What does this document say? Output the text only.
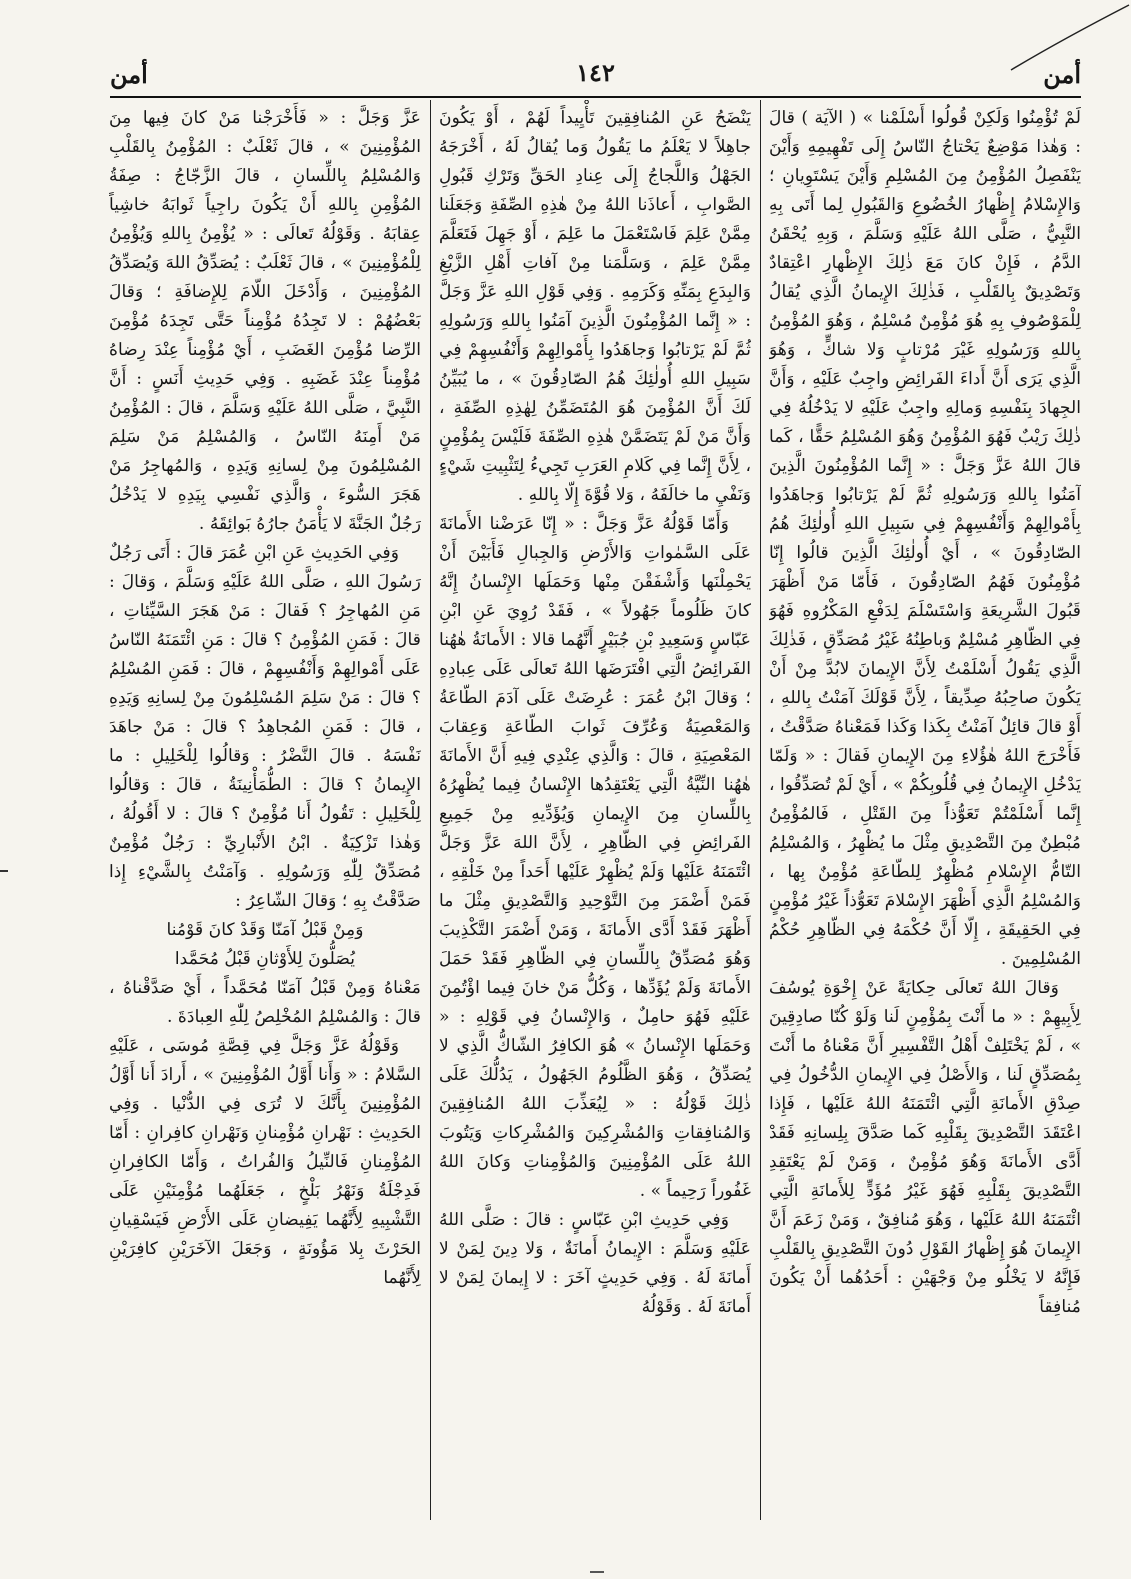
أمن
١٤٢
أمن

لَمْ تُؤْمِنُوا وَلَكِنْ قُولُوا أَسْلَمْنا » ( الآيَة ) قالَ : وَهٰذا مَوْضِعٌ يَحْتاجُ النّاسُ إِلَى تَفْهِيمِهِ وَأَيْنَ يَنْفَصِلُ المُؤْمِنُ مِنَ المُسْلِمِ وَأَيْنَ يَسْتَوِيانِ ؛ وَالإِسْلامُ إِظْهارُ الخُضُوعِ وَالقَبُولِ لِما أَتَى بِهِ النَّبِيُّ ، صَلَّى اللهُ عَلَيْهِ وَسَلَّمَ ، وَبِهِ يُحْقَنُ الدَّمُ ، فَإِنْ كانَ مَعَ ذٰلِكَ الإِظْهارِ اعْتِقادٌ وَتَصْدِيقٌ بِالقَلْبِ ، فَذٰلِكَ الإِيمانُ الَّذِي يُقالُ لِلْمَوْصُوفِ بِهِ هُوَ مُؤْمِنٌ مُسْلِمٌ ، وَهُوَ المُؤْمِنُ بِاللهِ وَرَسُولِهِ غَيْرَ مُرْتابٍ وَلا شاكٍّ ، وَهُوَ الَّذِي يَرَى أَنَّ أَداءَ الفَرائِضِ واجِبٌ عَلَيْهِ ، وَأَنَّ الجِهادَ بِنَفْسِهِ وَمالِهِ واجِبٌ عَلَيْهِ لا يَدْخُلُهُ فِي ذٰلِكَ رَيْبٌ فَهُوَ المُؤْمِنُ وَهُوَ المُسْلِمُ حَقًّا ، كَما قالَ اللهُ عَزَّ وَجَلَّ : « إِنَّما المُؤْمِنُونَ الَّذِينَ آمَنُوا بِاللهِ وَرَسُولِهِ ثُمَّ لَمْ يَرْتابُوا وَجاهَدُوا بِأَمْوالِهِمْ وَأَنْفُسِهِمْ فِي سَبِيلِ اللهِ أُولٰئِكَ هُمُ الصّادِقُونَ » ، أَيْ أُولٰئِكَ الَّذِينَ قالُوا إِنّا مُؤْمِنُونَ فَهُمُ الصّادِقُونَ ، فَأَمّا مَنْ أَظْهَرَ قَبُولَ الشَّرِيعَةِ وَاسْتَسْلَمَ لِدَفْعِ المَكْرُوهِ فَهُوَ فِي الظّاهِرِ مُسْلِمٌ وَباطِنُهُ غَيْرُ مُصَدِّقٍ ، فَذٰلِكَ الَّذِي يَقُولُ أَسْلَمْتُ لِأَنَّ الإِيمانَ لابُدَّ مِنْ أَنْ يَكُونَ صاحِبُهُ صِدِّيقاً ، لِأَنَّ قَوْلَكَ آمَنْتُ بِاللهِ ، أَوْ قالَ قائِلٌ آمَنْتُ بِكَذا وَكَذا فَمَعْناهُ صَدَّقْتُ ، فَأَخْرَجَ اللهُ هٰؤُلاءِ مِنَ الإِيمانِ فَقالَ : « وَلَمّا يَدْخُلِ الإِيمانُ فِي قُلُوبِكُمْ » ، أَيْ لَمْ تُصَدِّقُوا ، إِنَّما أَسْلَمْتُمْ تَعَوُّذاً مِنَ القَتْلِ ، فَالمُؤْمِنُ مُبْطِنٌ مِنَ التَّصْدِيقِ مِثْلَ ما يُظْهِرُ ، وَالمُسْلِمُ التّامُّ الإِسْلامِ مُظْهِرٌ لِلطّاعَةِ مُؤْمِنٌ بِها ، وَالمُسْلِمُ الَّذِي أَظْهَرَ الإِسْلامَ تَعَوُّذاً غَيْرُ مُؤْمِنٍ فِي الحَقِيقَةِ ، إِلّا أَنَّ حُكْمَهُ فِي الظّاهِرِ حُكْمُ المُسْلِمِينَ .

وَقالَ اللهُ تَعالَى حِكايَةً عَنْ إِخْوَةِ يُوسُفَ لِأَبِيهِمْ : « ما أَنْتَ بِمُؤْمِنٍ لَنا وَلَوْ كُنّا صادِقِينَ » ، لَمْ يَخْتَلِفْ أَهْلُ التَّفْسِيرِ أَنَّ مَعْناهُ ما أَنْتَ بِمُصَدِّقٍ لَنا ، وَالأَصْلُ فِي الإِيمانِ الدُّخُولُ فِي صِدْقِ الأَمانَةِ الَّتِي ائْتَمَنَهُ اللهُ عَلَيْها ، فَإِذا اعْتَقَدَ التَّصْدِيقَ بِقَلْبِهِ كَما صَدَّقَ بِلِسانِهِ فَقَدْ أَدَّى الأَمانَةَ وَهُوَ مُؤْمِنٌ ، وَمَنْ لَمْ يَعْتَقِدِ التَّصْدِيقَ بِقَلْبِهِ فَهُوَ غَيْرُ مُؤَدٍّ لِلأَمانَةِ الَّتِي ائْتَمَنَهُ اللهُ عَلَيْها ، وَهُوَ مُنافِقٌ ، وَمَنْ زَعَمَ أَنَّ الإِيمانَ هُوَ إِظْهارُ القَوْلِ دُونَ التَّصْدِيقِ بِالقَلْبِ فَإِنَّهُ لا يَخْلُو مِنْ وَجْهَيْنِ : أَحَدُهُما أَنْ يَكُونَ مُنافِقاً

يَنْضَحُ عَنِ المُنافِقِينَ تَأْيِيداً لَهُمْ ، أَوْ يَكُونَ جاهِلاً لا يَعْلَمُ ما يَقُولُ وَما يُقالُ لَهُ ، أَخْرَجَهُ الجَهْلُ وَاللَّجاجُ إِلَى عِنادِ الحَقِّ وَتَرْكِ قَبُولِ الصَّوابِ ، أَعاذَنا اللهُ مِنْ هٰذِهِ الصِّفَةِ وَجَعَلَنا مِمَّنْ عَلِمَ فَاسْتَعْمَلَ ما عَلِمَ ، أَوْ جَهِلَ فَتَعَلَّمَ مِمَّنْ عَلِمَ ، وَسَلَّمَنا مِنْ آفاتِ أَهْلِ الزَّيْغِ وَالبِدَعِ بِمَنِّهِ وَكَرَمِهِ . وَفِي قَوْلِ اللهِ عَزَّ وَجَلَّ : « إِنَّما المُؤْمِنُونَ الَّذِينَ آمَنُوا بِاللهِ وَرَسُولِهِ ثُمَّ لَمْ يَرْتابُوا وَجاهَدُوا بِأَمْوالِهِمْ وَأَنْفُسِهِمْ فِي سَبِيلِ اللهِ أُولٰئِكَ هُمُ الصّادِقُونَ » ، ما يُبَيِّنُ لَكَ أَنَّ المُؤْمِنَ هُوَ المُتَضَمِّنُ لِهٰذِهِ الصِّفَةِ ، وَأَنَّ مَنْ لَمْ يَتَضَمَّنْ هٰذِهِ الصِّفَةَ فَلَيْسَ بِمُؤْمِنٍ ، لِأَنَّ إِنَّما فِي كَلامِ العَرَبِ تَجِيءُ لِتَثْبِيتِ شَيْءٍ وَنَفْيِ ما خالَفَهُ ، وَلا قُوَّةَ إِلّا بِاللهِ .

وَأَمّا قَوْلُهُ عَزَّ وَجَلَّ : « إِنّا عَرَضْنا الأَمانَةَ عَلَى السَّمٰواتِ وَالأَرْضِ وَالجِبالِ فَأَبَيْنَ أَنْ يَحْمِلْنَها وَأَشْفَقْنَ مِنْها وَحَمَلَها الإِنْسانُ إِنَّهُ كانَ ظَلُوماً جَهُولاً » ، فَقَدْ رُوِيَ عَنِ ابْنِ عَبّاسٍ وَسَعِيدِ بْنِ جُبَيْرٍ أَنَّهُما قالا : الأَمانَةُ هٰهُنا الفَرائِضُ الَّتِي افْتَرَضَها اللهُ تَعالَى عَلَى عِبادِهِ ؛ وَقالَ ابْنُ عُمَرَ : عُرِضَتْ عَلَى آدَمَ الطّاعَةُ وَالمَعْصِيَةُ وَعُرِّفَ ثَوابَ الطّاعَةِ وَعِقابَ المَعْصِيَةِ ، قالَ : وَالَّذِي عِنْدِي فِيهِ أَنَّ الأَمانَةَ هٰهُنا النِّيَّةُ الَّتِي يَعْتَقِدُها الإِنْسانُ فِيما يُظْهِرُهُ بِاللِّسانِ مِنَ الإِيمانِ وَيُؤَدِّيهِ مِنْ جَمِيعِ الفَرائِضِ فِي الظّاهِرِ ، لِأَنَّ اللهَ عَزَّ وَجَلَّ ائْتَمَنَهُ عَلَيْها وَلَمْ يُظْهِرْ عَلَيْها أَحَداً مِنْ خَلْقِهِ ، فَمَنْ أَضْمَرَ مِنَ التَّوْحِيدِ وَالتَّصْدِيقِ مِثْلَ ما أَظْهَرَ فَقَدْ أَدَّى الأَمانَةَ ، وَمَنْ أَضْمَرَ التَّكْذِيبَ وَهُوَ مُصَدِّقٌ بِاللِّسانِ فِي الظّاهِرِ فَقَدْ حَمَلَ الأَمانَةَ وَلَمْ يُؤَدِّها ، وَكُلُّ مَنْ خانَ فِيما اؤْتُمِنَ عَلَيْهِ فَهُوَ حامِلٌ ، وَالإِنْسانُ فِي قَوْلِهِ : « وَحَمَلَها الإِنْسانُ » هُوَ الكافِرُ الشّاكُّ الَّذِي لا يُصَدِّقُ ، وَهُوَ الظَّلُومُ الجَهُولُ ، يَدُلُّكَ عَلَى ذٰلِكَ قَوْلُهُ : « لِيُعَذِّبَ اللهُ المُنافِقِينَ وَالمُنافِقاتِ وَالمُشْرِكِينَ وَالمُشْرِكاتِ وَيَتُوبَ اللهُ عَلَى المُؤْمِنِينَ وَالمُؤْمِناتِ وَكانَ اللهُ غَفُوراً رَحِيماً » .

وَفِي حَدِيثِ ابْنِ عَبّاسٍ : قالَ : صَلَّى اللهُ عَلَيْهِ وَسَلَّمَ : الإِيمانُ أَمانَةٌ ، وَلا دِينَ لِمَنْ لا أَمانَةَ لَهُ . وَفِي حَدِيثٍ آخَرَ : لا إِيمانَ لِمَنْ لا أَمانَةَ لَهُ . وَقَوْلُهُ

عَزَّ وَجَلَّ : « فَأَخْرَجْنا مَنْ كانَ فِيها مِنَ المُؤْمِنِينَ » ، قالَ ثَعْلَبٌ : المُؤْمِنُ بِالقَلْبِ وَالمُسْلِمُ بِاللِّسانِ ، قالَ الزَّجّاجُ : صِفَةُ المُؤْمِنِ بِاللهِ أَنْ يَكُونَ راجِياً ثَوابَهُ خاشِياً عِقابَهُ . وَقَوْلُهُ تَعالَى : « يُؤْمِنُ بِاللهِ وَيُؤْمِنُ لِلْمُؤْمِنِينَ » ، قالَ ثَعْلَبٌ : يُصَدِّقُ اللهَ وَيُصَدِّقُ المُؤْمِنِينَ ، وَأَدْخَلَ اللّامَ لِلإِضافَةِ ؛ وَقالَ بَعْضُهُمْ : لا تَجِدُهُ مُؤْمِناً حَتَّى تَجِدَهُ مُؤْمِنَ الرِّضا مُؤْمِنَ الغَضَبِ ، أَيْ مُؤْمِناً عِنْدَ رِضاهُ مُؤْمِناً عِنْدَ غَضَبِهِ . وَفِي حَدِيثِ أَنَسٍ : أَنَّ النَّبِيَّ ، صَلَّى اللهُ عَلَيْهِ وَسَلَّمَ ، قالَ : المُؤْمِنُ مَنْ أَمِنَهُ النّاسُ ، وَالمُسْلِمُ مَنْ سَلِمَ المُسْلِمُونَ مِنْ لِسانِهِ وَيَدِهِ ، وَالمُهاجِرُ مَنْ هَجَرَ السُّوءَ ، وَالَّذِي نَفْسِي بِيَدِهِ لا يَدْخُلُ رَجُلٌ الجَنَّةَ لا يَأْمَنُ جارُهُ بَوائِقَهُ .

وَفِي الحَدِيثِ عَنِ ابْنِ عُمَرَ قالَ : أَتَى رَجُلٌ رَسُولَ اللهِ ، صَلَّى اللهُ عَلَيْهِ وَسَلَّمَ ، وَقالَ : مَنِ المُهاجِرُ ؟ فَقالَ : مَنْ هَجَرَ السَّيِّئاتِ ، قالَ : فَمَنِ المُؤْمِنُ ؟ قالَ : مَنِ ائْتَمَنَهُ النّاسُ عَلَى أَمْوالِهِمْ وَأَنْفُسِهِمْ ، قالَ : فَمَنِ المُسْلِمُ ؟ قالَ : مَنْ سَلِمَ المُسْلِمُونَ مِنْ لِسانِهِ وَيَدِهِ ، قالَ : فَمَنِ المُجاهِدُ ؟ قالَ : مَنْ جاهَدَ نَفْسَهُ . قالَ النَّضْرُ : وَقالُوا لِلْخَلِيلِ : ما الإِيمانُ ؟ قالَ : الطُّمَأْنِينَةُ ، قالَ : وَقالُوا لِلْخَلِيلِ : تَقُولُ أَنا مُؤْمِنٌ ؟ قالَ : لا أَقُولُهُ ، وَهٰذا تَزْكِيَةٌ . ابْنُ الأَنْبارِيِّ : رَجُلٌ مُؤْمِنٌ مُصَدِّقٌ لِلّٰهِ وَرَسُولِهِ . وَآمَنْتُ بِالشَّيْءِ إِذا صَدَّقْتُ بِهِ ؛ وَقالَ الشّاعِرُ :

وَمِنْ قَبْلُ آمَنّا وَقَدْ كانَ قَوْمُنا
يُصَلُّونَ لِلأَوْثانِ قَبْلُ مُحَمَّدا

مَعْناهُ وَمِنْ قَبْلُ آمَنّا مُحَمَّداً ، أَيْ صَدَّقْناهُ ، قالَ : وَالمُسْلِمُ المُخْلِصُ لِلّٰهِ العِبادَةَ .

وَقَوْلُهُ عَزَّ وَجَلَّ فِي قِصَّةِ مُوسَى ، عَلَيْهِ السَّلامُ : « وَأَنا أَوَّلُ المُؤْمِنِينَ » ، أَرادَ أَنا أَوَّلُ المُؤْمِنِينَ بِأَنَّكَ لا تُرَى فِي الدُّنْيا . وَفِي الحَدِيثِ : نَهْرانِ مُؤْمِنانِ وَنَهْرانِ كافِرانِ : أَمّا المُؤْمِنانِ فَالنِّيلُ وَالفُراتُ ، وَأَمّا الكافِرانِ فَدِجْلَةُ وَنَهْرُ بَلْخٍ ، جَعَلَهُما مُؤْمِنَيْنِ عَلَى التَّشْبِيهِ لِأَنَّهُما يَفِيضانِ عَلَى الأَرْضِ فَيَسْقِيانِ الحَرْثَ بِلا مَؤُونَةٍ ، وَجَعَلَ الآخَرَيْنِ كافِرَيْنِ لِأَنَّهُما
